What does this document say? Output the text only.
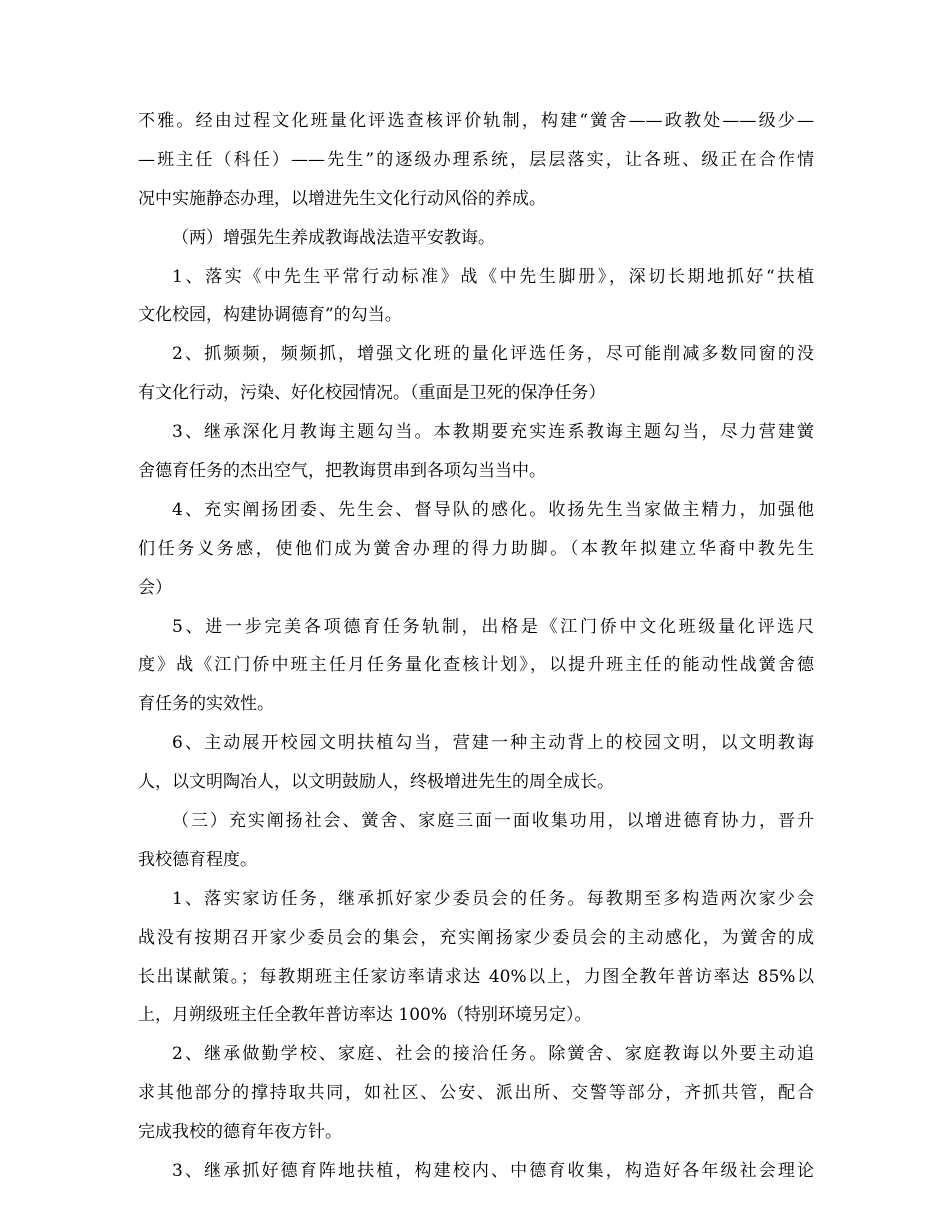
不雅。经由过程文化班量化评选查核评价轨制，构建“黉舍——政教处——级少—
—班主任（科任）——先生”的逐级办理系统，层层落实，让各班、级正在合作情
况中实施静态办理，以增进先生文化行动风俗的养成。
（两）增强先生养成教诲战法造平安教诲。
1、落实《中先生平常行动标准》战《中先生脚册》，深切长期地抓好“扶植
文化校园，构建协调德育”的勾当。
2、抓频频，频频抓，增强文化班的量化评选任务，尽可能削减多数同窗的没
有文化行动，污染、好化校园情况。（重面是卫死的保净任务）
3、继承深化月教诲主题勾当。本教期要充实连系教诲主题勾当，尽力营建黉
舍德育任务的杰出空气，把教诲贯串到各项勾当当中。
4、充实阐扬团委、先生会、督导队的感化。收扬先生当家做主精力，加强他
们任务义务感，使他们成为黉舍办理的得力助脚。（本教年拟建立华裔中教先生
会）
5、进一步完美各项德育任务轨制，出格是《江门侨中文化班级量化评选尺
度》战《江门侨中班主任月任务量化查核计划》，以提升班主任的能动性战黉舍德
育任务的实效性。
6、主动展开校园文明扶植勾当，营建一种主动背上的校园文明，以文明教诲
人，以文明陶冶人，以文明鼓励人，终极增进先生的周全成长。
（三）充实阐扬社会、黉舍、家庭三面一面收集功用，以增进德育协力，晋升
我校德育程度。
1、落实家访任务，继承抓好家少委员会的任务。每教期至多构造两次家少会
战没有按期召开家少委员会的集会，充实阐扬家少委员会的主动感化，为黉舍的成
长出谋献策。；每教期班主任家访率请求达 40%以上，力图全教年普访率达 85%以
上，月朔级班主任全教年普访率达 100%（特别环境另定）。
2、继承做勤学校、家庭、社会的接洽任务。除黉舍、家庭教诲以外要主动追
求其他部分的撑持取共同，如社区、公安、派出所、交警等部分，齐抓共管，配合
完成我校的德育年夜方针。
3、继承抓好德育阵地扶植，构建校内、中德育收集，构造好各年级社会理论
